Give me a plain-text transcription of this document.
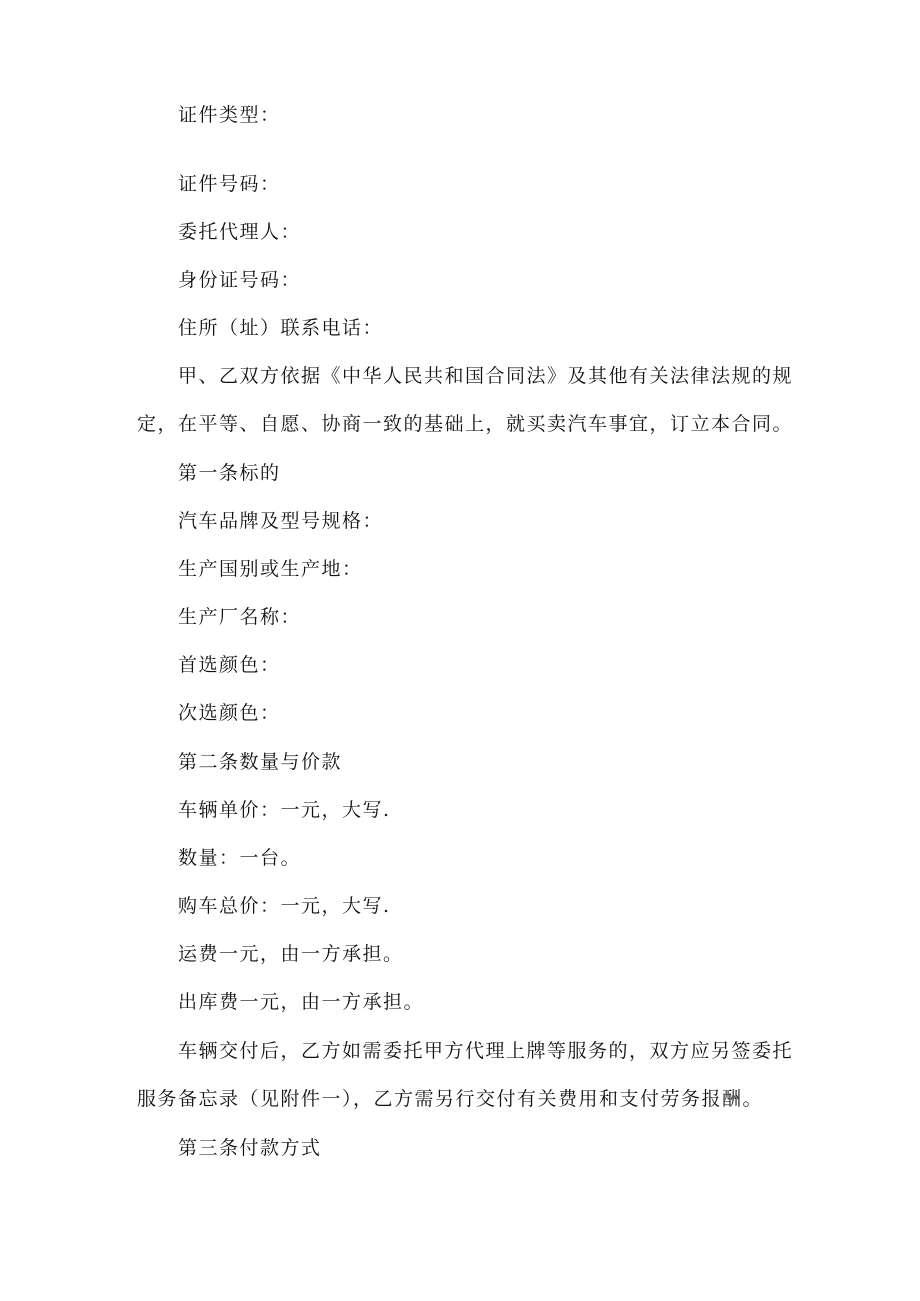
证件类型：
证件号码：
委托代理人：
身份证号码：
住所（址）联系电话：
甲、乙双方依据《中华人民共和国合同法》及其他有关法律法规的规
定，在平等、自愿、协商一致的基础上，就买卖汽车事宜，订立本合同。
第一条标的
汽车品牌及型号规格：
生产国别或生产地：
生产厂名称：
首选颜色：
次选颜色：
第二条数量与价款
车辆单价：一元，大写.
数量：一台。
购车总价：一元，大写.
运费一元，由一方承担。
出库费一元，由一方承担。
车辆交付后，乙方如需委托甲方代理上牌等服务的，双方应另签委托
服务备忘录（见附件一），乙方需另行交付有关费用和支付劳务报酬。
第三条付款方式
